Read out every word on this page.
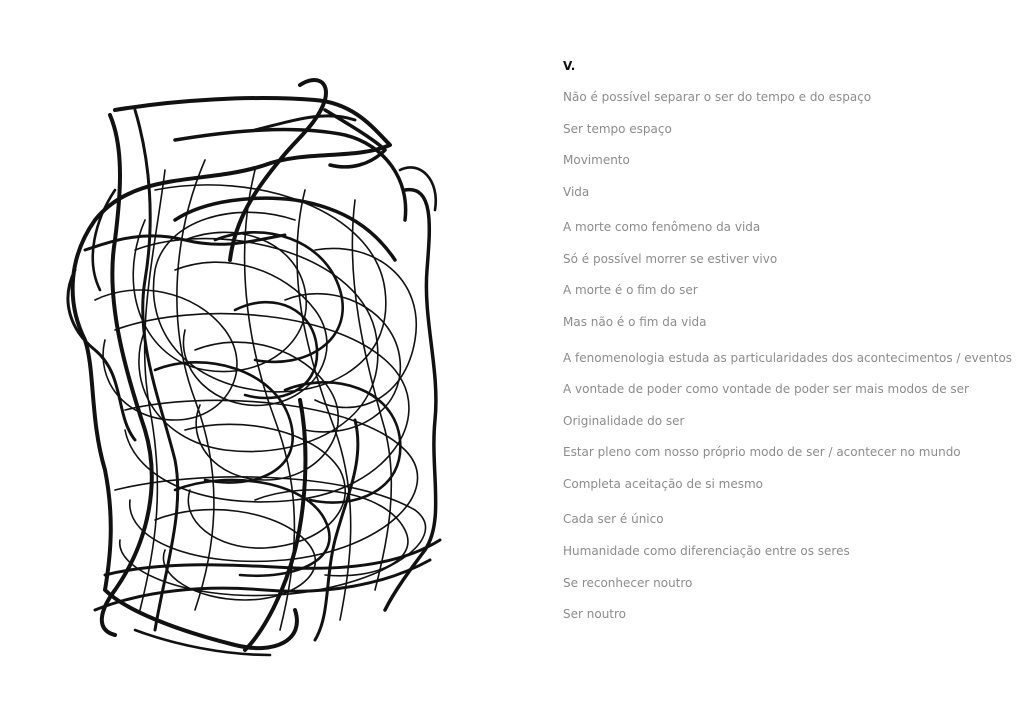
V.
Não é possível separar o ser do tempo e do espaço
Ser tempo espaço
Movimento
Vida
A morte como fenômeno da vida
Só é possível morrer se estiver vivo
A morte é o fim do ser
Mas não é o fim da vida
A fenomenologia estuda as particularidades dos acontecimentos / eventos
A vontade de poder como vontade de poder ser mais modos de ser
Originalidade do ser
Estar pleno com nosso próprio modo de ser / acontecer no mundo
Completa aceitação de si mesmo
Cada ser é único
Humanidade como diferenciação entre os seres
Se reconhecer noutro
Ser noutro
